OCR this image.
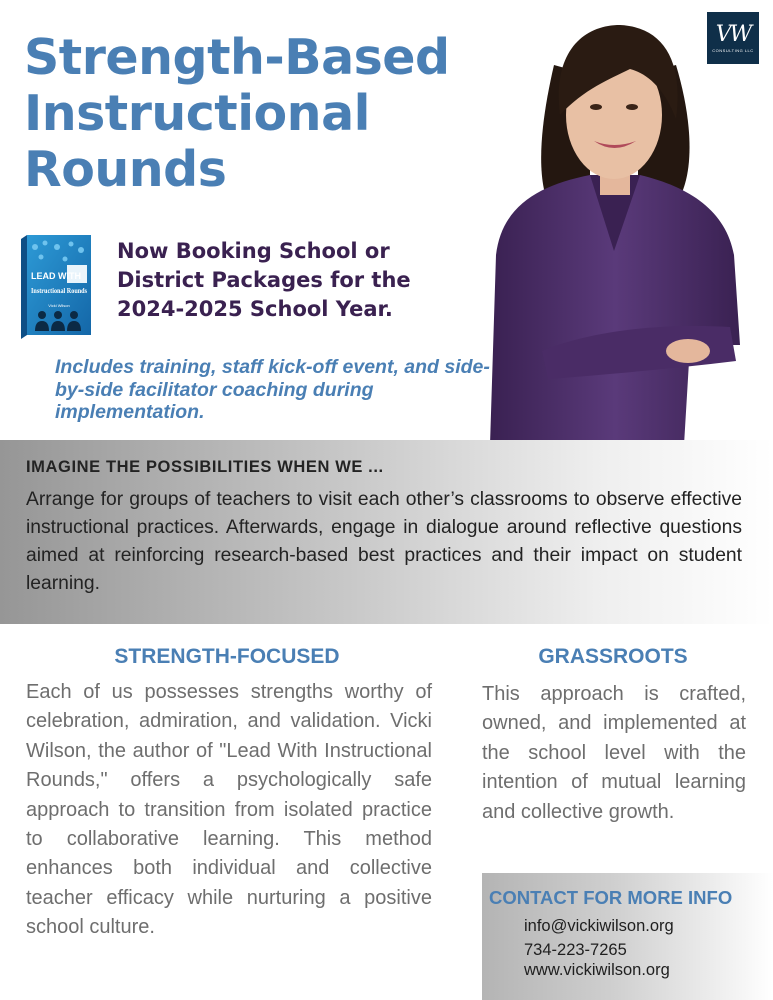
Strength-Based Instructional Rounds
VW
CONSULTING LLC
LEAD WITH
Instructional Rounds
Vicki Wilson

Now Booking School or District Packages for the 2024-2025 School Year.

Includes training, staff kick-off event, and side-by-side facilitator coaching during implementation.

IMAGINE THE POSSIBILITIES WHEN WE ...

Arrange for groups of teachers to visit each other’s classrooms to observe effective instructional practices. Afterwards, engage in dialogue around reflective questions aimed at reinforcing research-based best practices and their impact on student learning.

STRENGTH-FOCUSED

Each of us possesses strengths worthy of celebration, admiration, and validation. Vicki Wilson, the author of "Lead With Instructional Rounds," offers a psychologically safe approach to transition from isolated practice to collaborative learning. This method enhances both individual and collective teacher efficacy while nurturing a positive school culture.

GRASSROOTS

This approach is crafted, owned, and implemented at the school level with the intention of mutual learning and collective growth.

CONTACT FOR MORE INFO

info@vickiwilson.org

734-223-7265

www.vickiwilson.org
